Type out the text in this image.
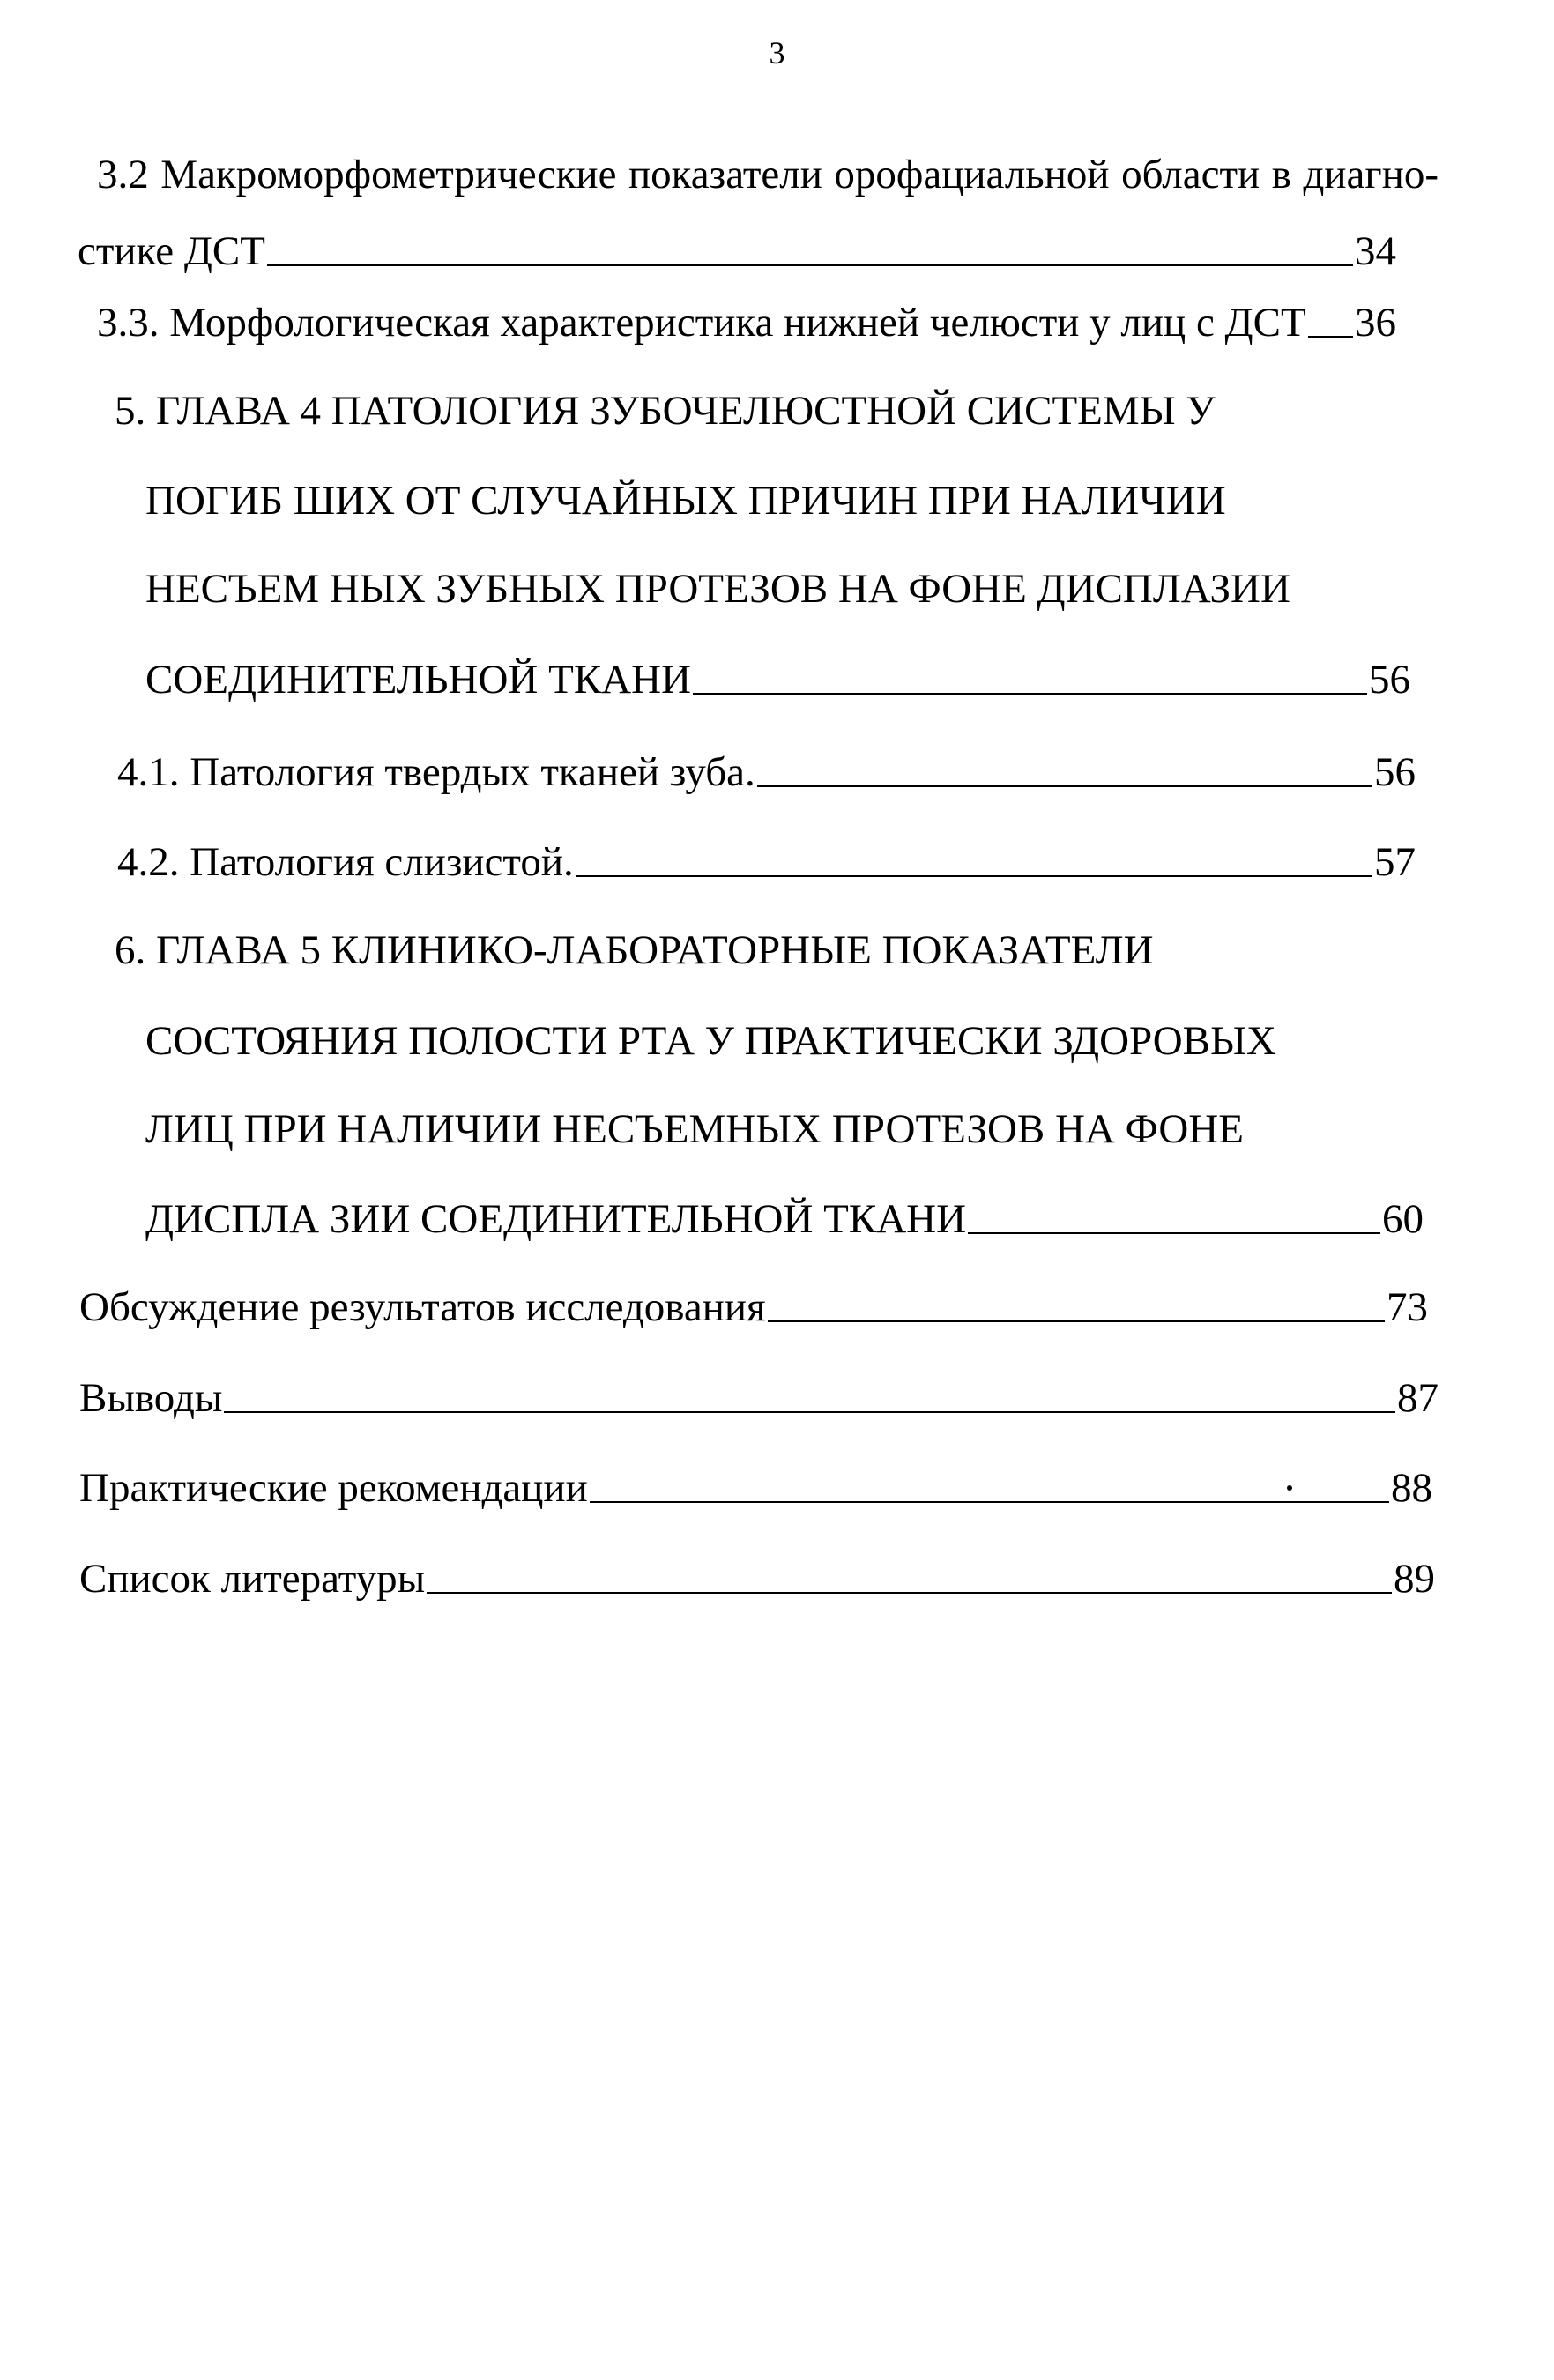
3
3.2 Макроморфометрические показатели орофациальной области в диагно-
стике ДСТ	34
3.3. Морфологическая характеристика нижней челюсти у лиц с ДСТ 36
5. ГЛАВА 4 ПАТОЛОГИЯ ЗУБОЧЕЛЮСТНОЙ СИСТЕМЫ У
ПОГИБ ШИХ ОТ СЛУЧАЙНЫХ ПРИЧИН ПРИ НАЛИЧИИ
НЕСЪЕМ НЫХ ЗУБНЫХ ПРОТЕЗОВ НА ФОНЕ ДИСПЛАЗИИ
СОЕДИНИТЕЛЬНОЙ ТКАНИ	56
4.1. Патология твердых тканей зуба.	56
4.2. Патология слизистой.	57
6. ГЛАВА 5 КЛИНИКО-ЛАБОРАТОРНЫЕ ПОКАЗАТЕЛИ
СОСТОЯНИЯ ПОЛОСТИ РТА У ПРАКТИЧЕСКИ ЗДОРОВЫХ
ЛИЦ ПРИ НАЛИЧИИ НЕСЪЕМНЫХ ПРОТЕЗОВ НА ФОНЕ
ДИСПЛА ЗИИ СОЕДИНИТЕЛЬНОЙ ТКАНИ	60
Обсуждение результатов исследования	73
Выводы	87
Практические рекомендации	88
Список литературы	89
